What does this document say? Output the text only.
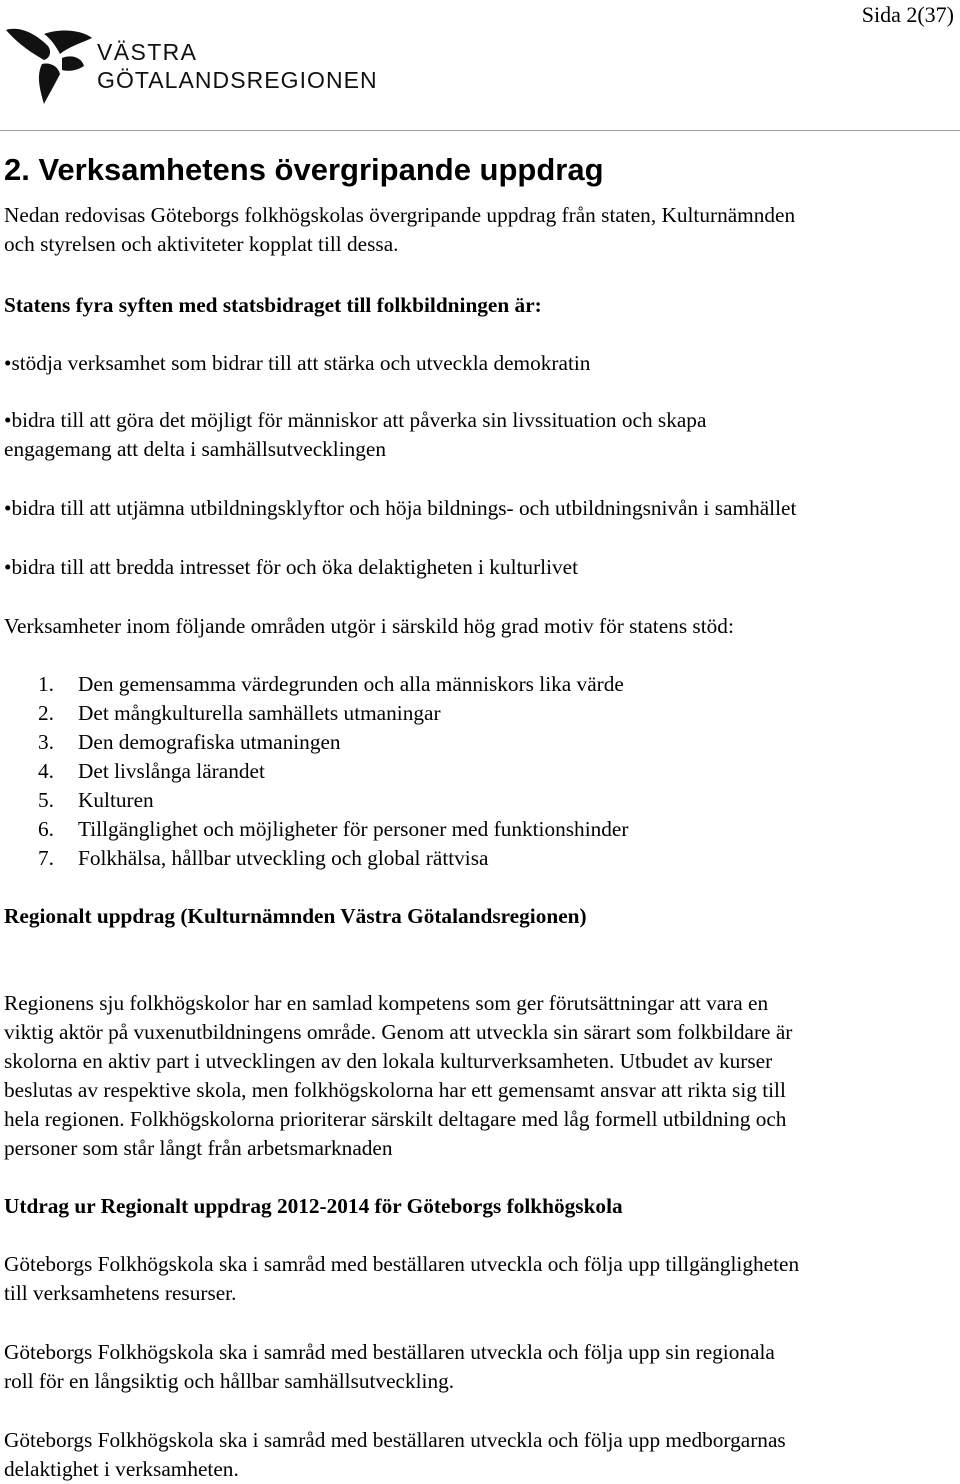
Sida 2(37)
VÄSTRA
GÖTALANDSREGIONEN
2. Verksamhetens övergripande uppdrag
Nedan redovisas Göteborgs folkhögskolas övergripande uppdrag från staten, Kulturnämnden
och styrelsen och aktiviteter kopplat till dessa.
Statens fyra syften med statsbidraget till folkbildningen är:
•stödja verksamhet som bidrar till att stärka och utveckla demokratin
•bidra till att göra det möjligt för människor att påverka sin livssituation och skapa
engagemang att delta i samhällsutvecklingen
•bidra till att utjämna utbildningsklyftor och höja bildnings- och utbildningsnivån i samhället
•bidra till att bredda intresset för och öka delaktigheten i kulturlivet
Verksamheter inom följande områden utgör i särskild hög grad motiv för statens stöd:
1. Den gemensamma värdegrunden och alla människors lika värde
2. Det mångkulturella samhällets utmaningar
3. Den demografiska utmaningen
4. Det livslånga lärandet
5. Kulturen
6. Tillgänglighet och möjligheter för personer med funktionshinder
7. Folkhälsa, hållbar utveckling och global rättvisa
Regionalt uppdrag (Kulturnämnden Västra Götalandsregionen)
Regionens sju folkhögskolor har en samlad kompetens som ger förutsättningar att vara en
viktig aktör på vuxenutbildningens område. Genom att utveckla sin särart som folkbildare är
skolorna en aktiv part i utvecklingen av den lokala kulturverksamheten. Utbudet av kurser
beslutas av respektive skola, men folkhögskolorna har ett gemensamt ansvar att rikta sig till
hela regionen. Folkhögskolorna prioriterar särskilt deltagare med låg formell utbildning och
personer som står långt från arbetsmarknaden
Utdrag ur Regionalt uppdrag 2012-2014 för Göteborgs folkhögskola
Göteborgs Folkhögskola ska i samråd med beställaren utveckla och följa upp tillgängligheten
till verksamhetens resurser.
Göteborgs Folkhögskola ska i samråd med beställaren utveckla och följa upp sin regionala
roll för en långsiktig och hållbar samhällsutveckling.
Göteborgs Folkhögskola ska i samråd med beställaren utveckla och följa upp medborgarnas
delaktighet i verksamheten.
